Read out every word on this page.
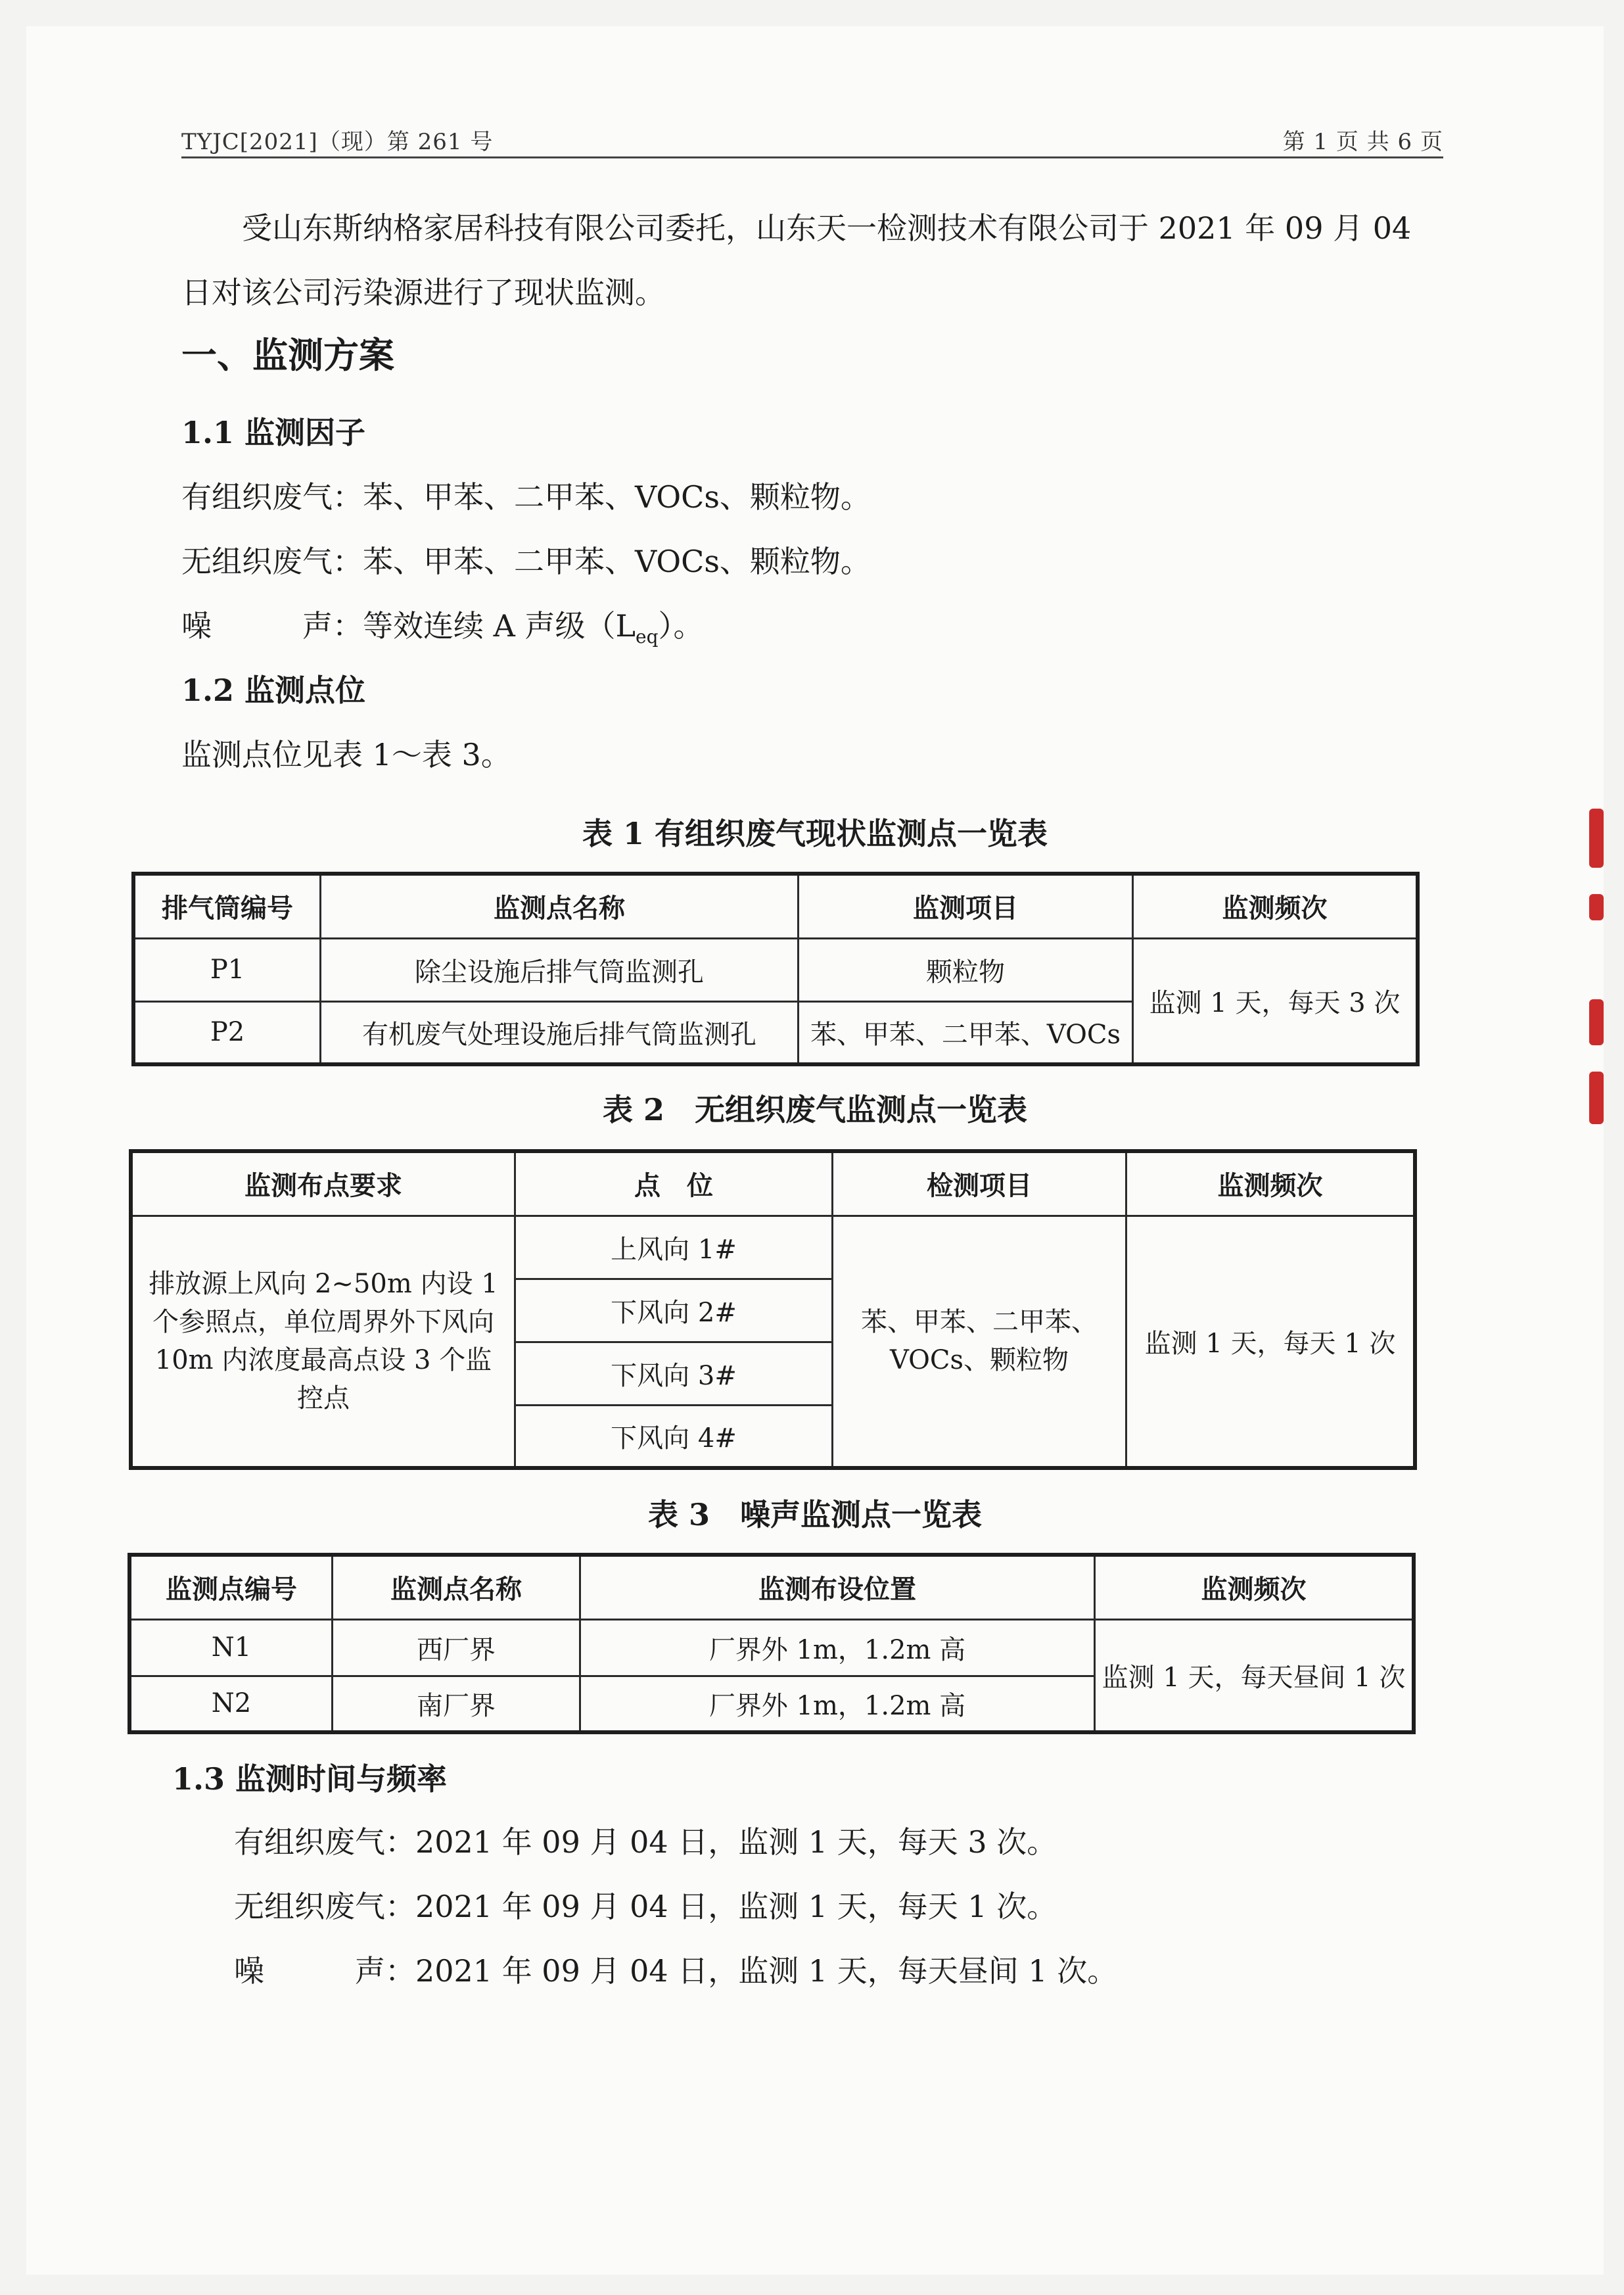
TYJC[2021]（现）第 261 号	第 1 页 共 6 页
受山东斯纳格家居科技有限公司委托，山东天一检测技术有限公司于 2021 年 09 月 04 日对该公司污染源进行了现状监测。
一、监测方案
1.1 监测因子
有组织废气：苯、甲苯、二甲苯、VOCs、颗粒物。
无组织废气：苯、甲苯、二甲苯、VOCs、颗粒物。
噪　　　声：等效连续 A 声级$(L_{eq})$。
1.2 监测点位
监测点位见表 1～表 3。
表 1 有组织废气现状监测点一览表
排气筒编号	监测点名称	监测项目	监测频次
P1	除尘设施后排气筒监测孔	颗粒物	监测 1 天，每天 3 次
P2	有机废气处理设施后排气筒监测孔	苯、甲苯、二甲苯、VOCs	
表 2　无组织废气监测点一览表
监测布点要求	点　位	检测项目	监测频次
排放源上风向 2~50m 内设 1 个参照点，单位周界外下风向 10m 内浓度最高点设 3 个监控点	上风向 1#	苯、甲苯、二甲苯、VOCs、颗粒物	监测 1 天，每天 1 次
	下风向 2#		
	下风向 3#		
	下风向 4#		
表 3　噪声监测点一览表
监测点编号	监测点名称	监测布设位置	监测频次
N1	西厂界	厂界外 1m，1.2m 高	监测 1 天，每天昼间 1 次
N2	南厂界	厂界外 1m，1.2m 高	
1.3 监测时间与频率
有组织废气：2021 年 09 月 04 日，监测 1 天，每天 3 次。
无组织废气：2021 年 09 月 04 日，监测 1 天，每天 1 次。
噪　　　声：2021 年 09 月 04 日，监测 1 天，每天昼间 1 次。
